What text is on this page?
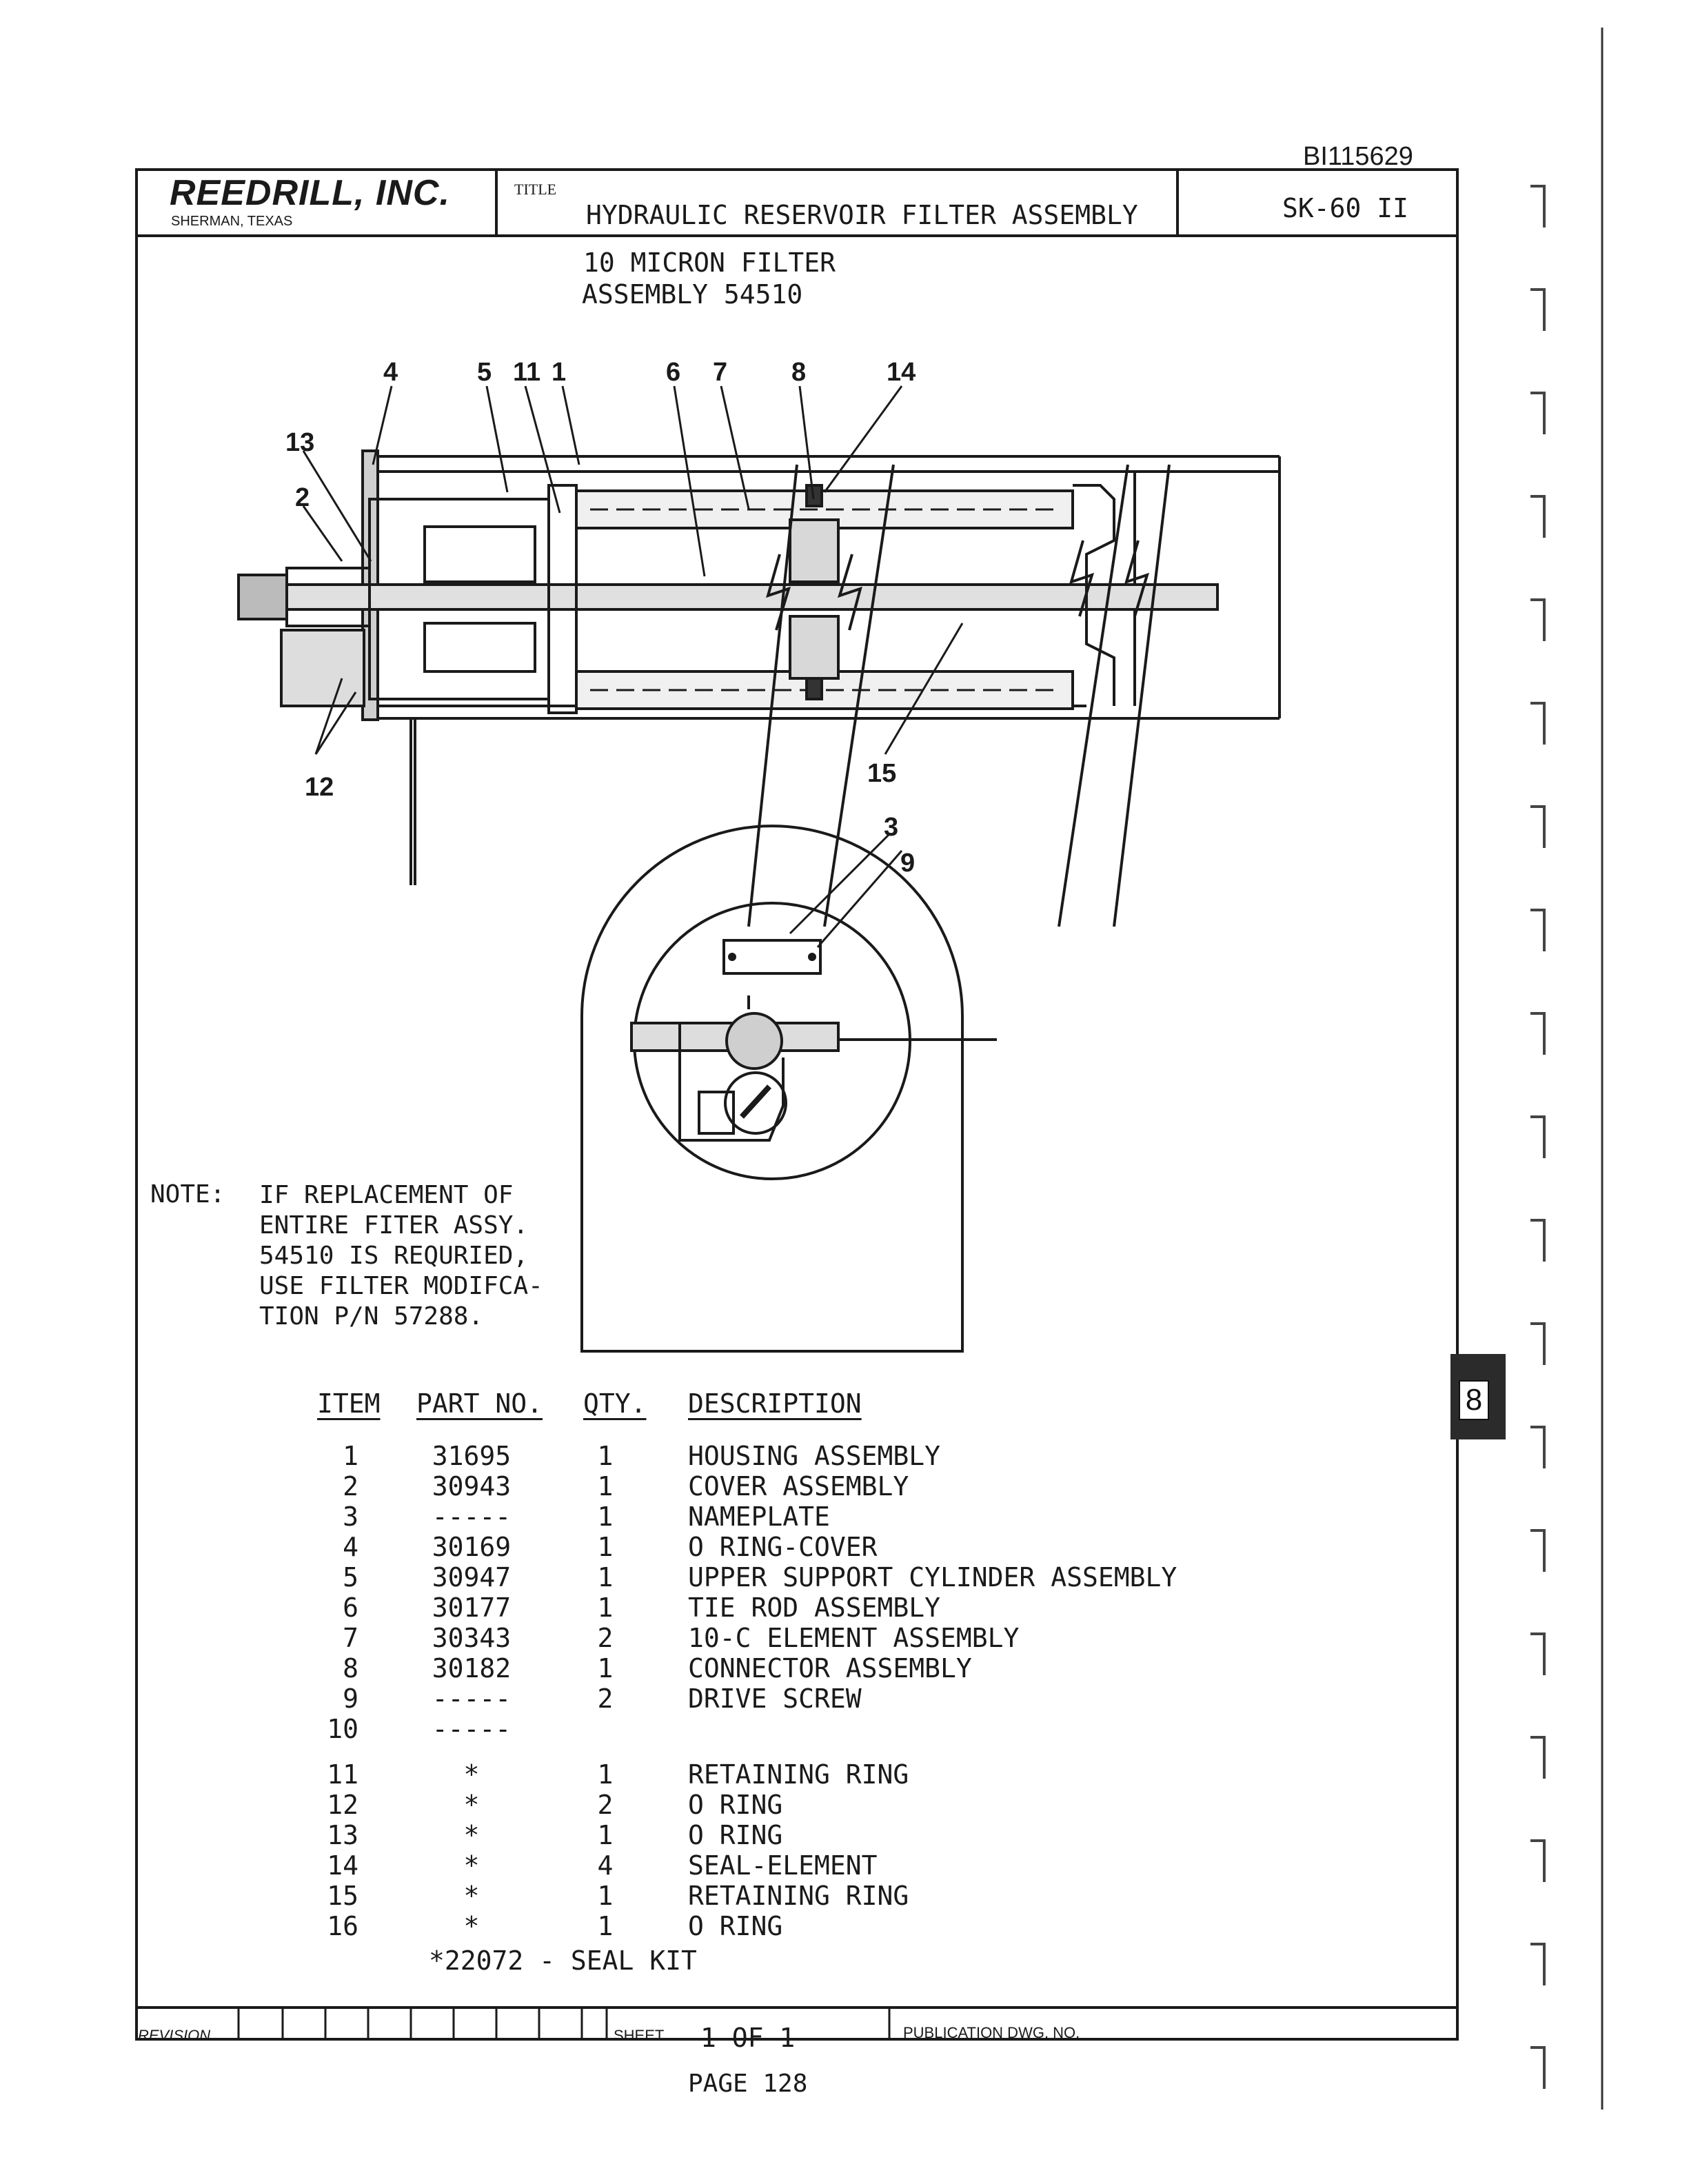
BI115629
REEDRILL, INC.
SHERMAN, TEXAS
TITLE
HYDRAULIC RESERVOIR FILTER ASSEMBLY	SK-60 II
10 MICRON FILTER
ASSEMBLY 54510
4	5 11 1	6 7 8	14
13
2
12	15
3
9
NOTE: IF REPLACEMENT OF
ENTIRE FITER ASSY.
54510 IS REQURIED,
USE FILTER MODIFCA-
TION P/N 57288.
ITEM PART NO. QTY. DESCRIPTION
1	31695	1	HOUSING ASSEMBLY
2	30943	1	COVER ASSEMBLY
3	-----	1	NAMEPLATE
4	30169	1	O RING-COVER
5	30947	1	UPPER SUPPORT CYLINDER ASSEMBLY
6	30177	1	TIE ROD ASSEMBLY
7	30343	2	10-C ELEMENT ASSEMBLY
8	30182	1	CONNECTOR ASSEMBLY
9	-----	2	DRIVE SCREW
10	-----
11	*	1	RETAINING RING
12	*	2	O RING
13	*	1	O RING
14	*	4	SEAL-ELEMENT
15	*	1	RETAINING RING
16	*	1	O RING
*22072 - SEAL KIT
REVISION	SHEET 1 OF 1	PUBLICATION DWG. NO.
PAGE 128
8
